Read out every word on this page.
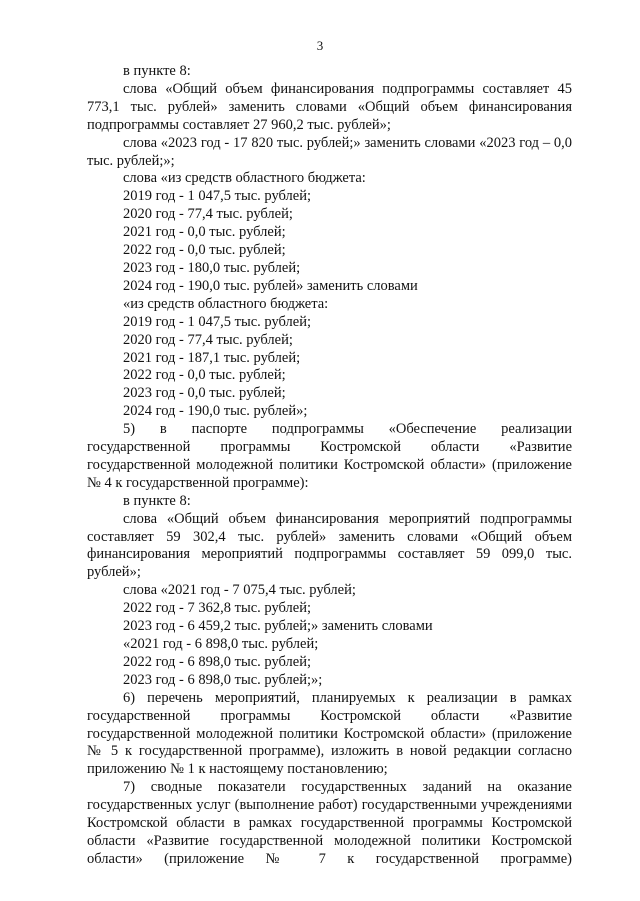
3

в пункте 8:

слова «Общий объем финансирования подпрограммы составляет 45 773,1 тыс. рублей» заменить словами «Общий объем финансирования подпрограммы составляет 27 960,2 тыс. рублей»;

слова «2023 год - 17 820 тыс. рублей;» заменить словами «2023 год – 0,0 тыс. рублей;»;

слова «из средств областного бюджета:

2019 год - 1 047,5 тыс. рублей;

2020 год - 77,4 тыс. рублей;

2021 год - 0,0 тыс. рублей;

2022 год - 0,0 тыс. рублей;

2023 год - 180,0 тыс. рублей;

2024 год - 190,0 тыс. рублей» заменить словами

«из средств областного бюджета:

2019 год - 1 047,5 тыс. рублей;

2020 год - 77,4 тыс. рублей;

2021 год - 187,1 тыс. рублей;

2022 год - 0,0 тыс. рублей;

2023 год - 0,0 тыс. рублей;

2024 год - 190,0 тыс. рублей»;

5) в паспорте подпрограммы «Обеспечение реализации государственной программы Костромской области «Развитие государственной молодежной политики Костромской области» (приложение № 4 к государственной программе):

в пункте 8:

слова «Общий объем финансирования мероприятий подпрограммы составляет 59 302,4 тыс. рублей» заменить словами «Общий объем финансирования мероприятий подпрограммы составляет 59 099,0 тыс. рублей»;

слова «2021 год - 7 075,4 тыс. рублей;

2022 год - 7 362,8 тыс. рублей;

2023 год - 6 459,2 тыс. рублей;» заменить словами

«2021 год - 6 898,0 тыс. рублей;

2022 год - 6 898,0 тыс. рублей;

2023 год - 6 898,0 тыс. рублей;»;

6) перечень мероприятий, планируемых к реализации в рамках государственной программы Костромской области «Развитие государственной молодежной политики Костромской области» (приложение № 5 к государственной программе), изложить в новой редакции согласно приложению № 1 к настоящему постановлению;

7) сводные показатели государственных заданий на оказание государственных услуг (выполнение работ) государственными учреждениями Костромской области в рамках государственной программы Костромской области «Развитие государственной молодежной политики Костромской области» (приложение № 7 к государственной программе)
